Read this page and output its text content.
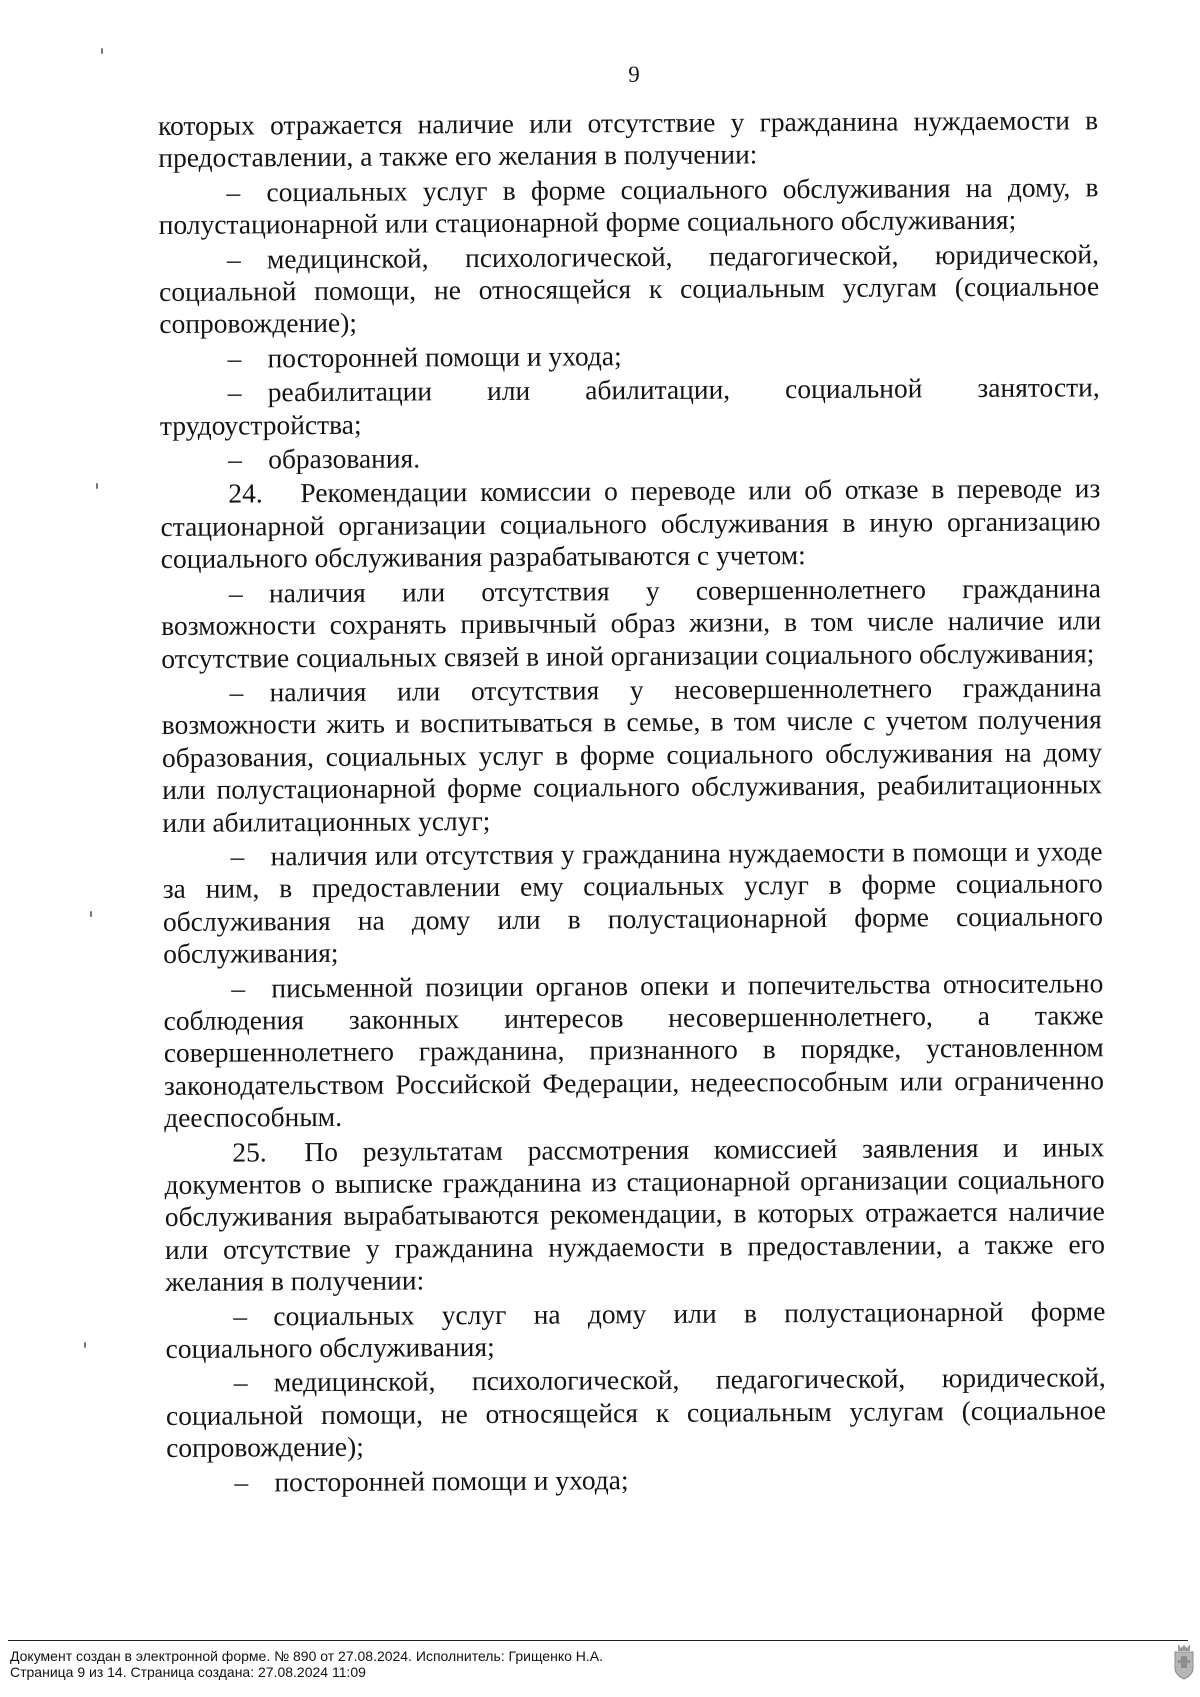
9

которых отражается наличие или отсутствие у гражданина нуждаемости в предоставлении, а также его желания в получении:

– социальных услуг в форме социального обслуживания на дому, в полустационарной или стационарной форме социального обслуживания;

– медицинской, психологической, педагогической, юридической, социальной помощи, не относящейся к социальным услугам (социальное сопровождение);

– посторонней помощи и ухода;

– реабилитации или абилитации, социальной занятости, трудоустройства;

– образования.

24. Рекомендации комиссии о переводе или об отказе в переводе из стационарной организации социального обслуживания в иную организацию социального обслуживания разрабатываются с учетом:

– наличия или отсутствия у совершеннолетнего гражданина возможности сохранять привычный образ жизни, в том числе наличие или отсутствие социальных связей в иной организации социального обслуживания;

– наличия или отсутствия у несовершеннолетнего гражданина возможности жить и воспитываться в семье, в том числе с учетом получения образования, социальных услуг в форме социального обслуживания на дому или полустационарной форме социального обслуживания, реабилитационных или абилитационных услуг;

– наличия или отсутствия у гражданина нуждаемости в помощи и уходе за ним, в предоставлении ему социальных услуг в форме социального обслуживания на дому или в полустационарной форме социального обслуживания;

– письменной позиции органов опеки и попечительства относительно соблюдения законных интересов несовершеннолетнего, а также совершеннолетнего гражданина, признанного в порядке, установленном законодательством Российской Федерации, недееспособным или ограниченно дееспособным.

25. По результатам рассмотрения комиссией заявления и иных документов о выписке гражданина из стационарной организации социального обслуживания вырабатываются рекомендации, в которых отражается наличие или отсутствие у гражданина нуждаемости в предоставлении, а также его желания в получении:

– социальных услуг на дому или в полустационарной форме социального обслуживания;

– медицинской, психологической, педагогической, юридической, социальной помощи, не относящейся к социальным услугам (социальное сопровождение);

– посторонней помощи и ухода;

Документ создан в электронной форме. № 890 от 27.08.2024. Исполнитель: Грищенко Н.А.
Страница 9 из 14. Страница создана: 27.08.2024 11:09
